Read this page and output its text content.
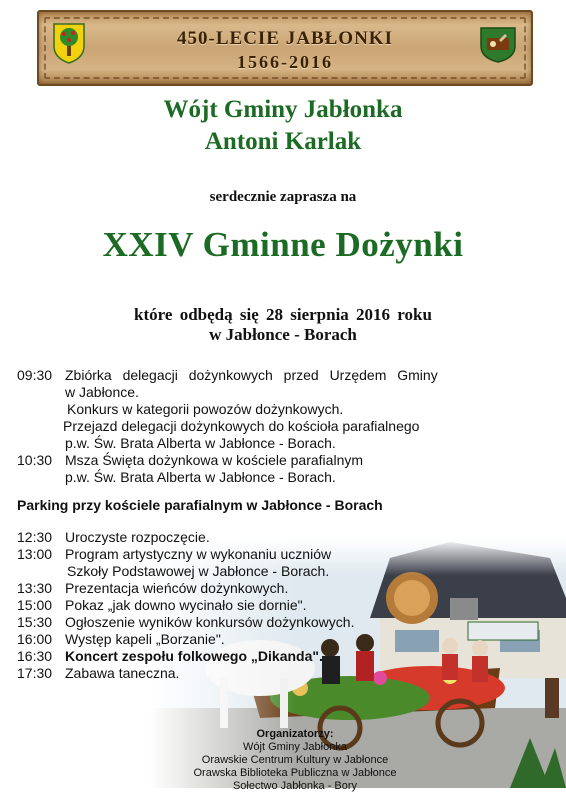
450-LECIE JABŁONKI
1566-2016
Wójt Gminy Jabłonka
Antoni Karlak
serdecznie zaprasza na
XXIV Gminne Dożynki
które odbędą się 28 sierpnia 2016 roku
w Jabłonce - Borach
09:30 Zbiórka delegacji dożynkowych przed Urzędem Gminy
w Jabłonce.
Konkurs w kategorii powozów dożynkowych.
Przejazd delegacji dożynkowych do kościoła parafialnego
p.w. Św. Brata Alberta w Jabłonce - Borach.
10:30 Msza Święta dożynkowa w kościele parafialnym
p.w. Św. Brata Alberta w Jabłonce - Borach.
Parking przy kościele parafialnym w Jabłonce - Borach
12:30 Uroczyste rozpoczęcie.
13:00 Program artystyczny w wykonaniu uczniów
Szkoły Podstawowej w Jabłonce - Borach.
13:30 Prezentacja wieńców dożynkowych.
15:00 Pokaz „jak downo wycinało sie dornie".
15:30 Ogłoszenie wyników konkursów dożynkowych.
16:00 Występ kapeli „Borzanie".
16:30 Koncert zespołu folkowego „Dikanda".
17:30 Zabawa taneczna.
Organizatorzy:
Wójt Gminy Jabłonka
Orawskie Centrum Kultury w Jabłonce
Orawska Biblioteka Publiczna w Jabłonce
Sołectwo Jabłonka - Bory
